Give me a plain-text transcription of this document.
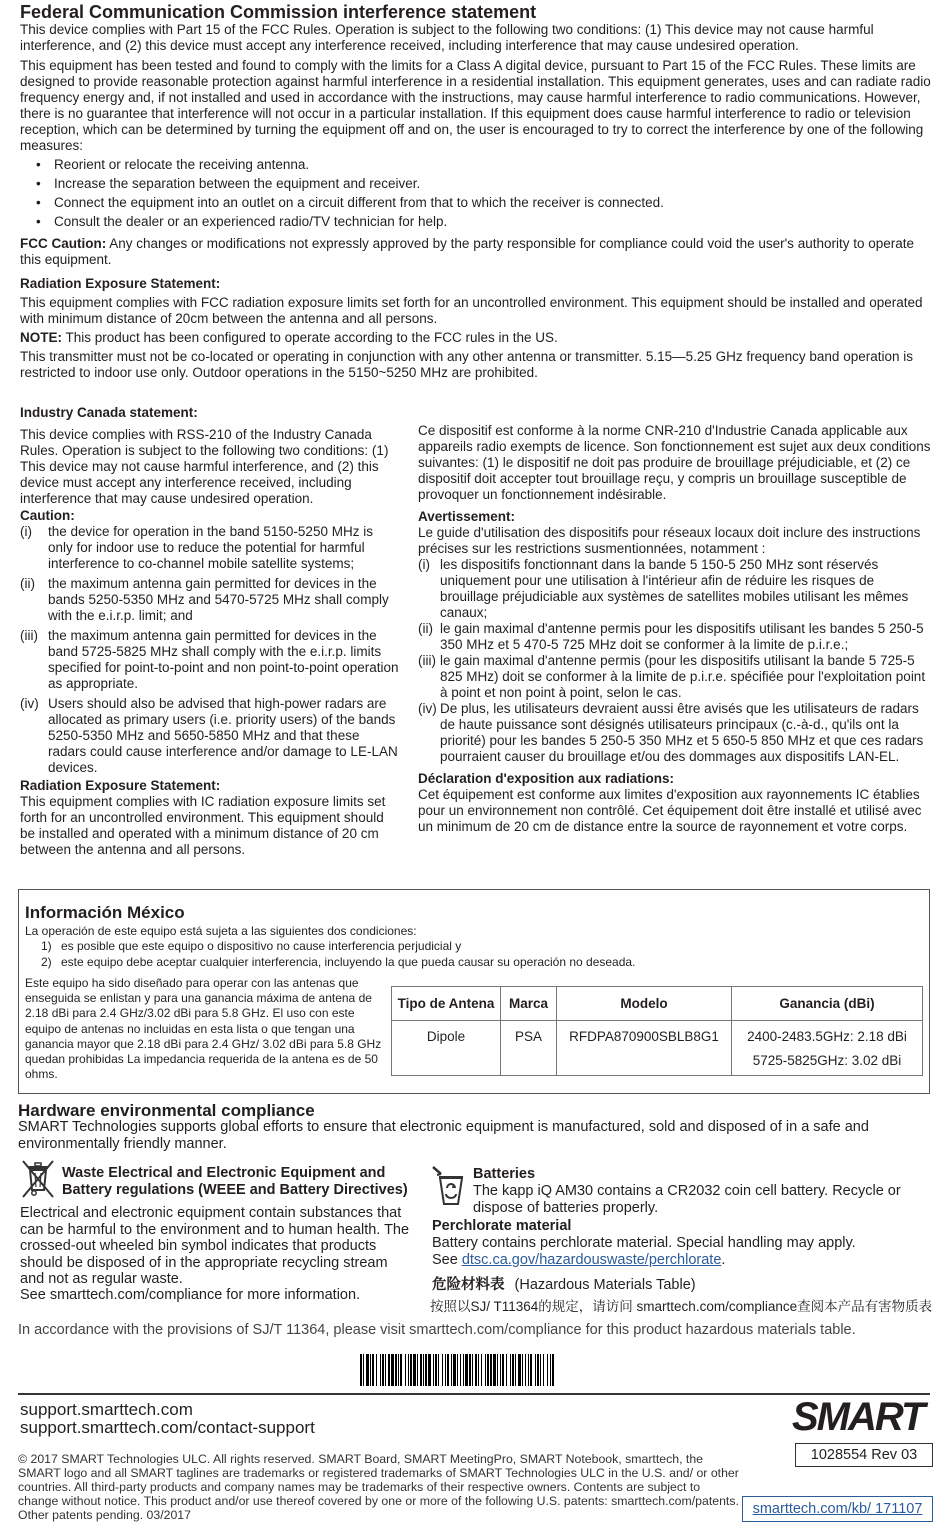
Federal Communication Commission interference statement

This device complies with Part 15 of the FCC Rules. Operation is subject to the following two conditions: (1) This device may not cause harmful interference, and (2) this device must accept any interference received, including interference that may cause undesired operation.

This equipment has been tested and found to comply with the limits for a Class A digital device, pursuant to Part 15 of the FCC Rules. These limits are designed to provide reasonable protection against harmful interference in a residential installation. This equipment generates, uses and can radiate radio frequency energy and, if not installed and used in accordance with the instructions, may cause harmful interference to radio communications. However, there is no guarantee that interference will not occur in a particular installation. If this equipment does cause harmful interference to radio or television reception, which can be determined by turning the equipment off and on, the user is encouraged to try to correct the interference by one of the following measures:

• Reorient or relocate the receiving antenna.
• Increase the separation between the equipment and receiver.
• Connect the equipment into an outlet on a circuit different from that to which the receiver is connected.
• Consult the dealer or an experienced radio/TV technician for help.

FCC Caution: Any changes or modifications not expressly approved by the party responsible for compliance could void the user's authority to operate this equipment.

Radiation Exposure Statement:

This equipment complies with FCC radiation exposure limits set forth for an uncontrolled environment. This equipment should be installed and operated with minimum distance of 20cm between the antenna and all persons.

NOTE: This product has been configured to operate according to the FCC rules in the US.

This transmitter must not be co-located or operating in conjunction with any other antenna or transmitter. 5.15—5.25 GHz frequency band operation is restricted to indoor use only. Outdoor operations in the 5150~5250 MHz are prohibited.

Industry Canada statement:

This device complies with RSS-210 of the Industry Canada Rules. Operation is subject to the following two conditions: (1) This device may not cause harmful interference, and (2) this device must accept any interference received, including interference that may cause undesired operation.

Caution:

(i)	the device for operation in the band 5150-5250 MHz is only for indoor use to reduce the potential for harmful interference to co-channel mobile satellite systems;
(ii) the maximum antenna gain permitted for devices in the bands 5250-5350 MHz and 5470-5725 MHz shall comply with the e.i.r.p. limit; and
(iii) the maximum antenna gain permitted for devices in the band 5725-5825 MHz shall comply with the e.i.r.p. limits specified for point-to-point and non point-to-point operation as appropriate.
(iv) Users should also be advised that high-power radars are allocated as primary users (i.e. priority users) of the bands 5250-5350 MHz and 5650-5850 MHz and that these radars could cause interference and/or damage to LE-LAN devices.

Radiation Exposure Statement:

This equipment complies with IC radiation exposure limits set forth for an uncontrolled environment. This equipment should be installed and operated with a minimum distance of 20 cm between the antenna and all persons.

Ce dispositif est conforme à la norme CNR-210 d'Industrie Canada applicable aux appareils radio exempts de licence. Son fonctionnement est sujet aux deux conditions suivantes: (1) le dispositif ne doit pas produire de brouillage préjudiciable, et (2) ce dispositif doit accepter tout brouillage reçu, y compris un brouillage susceptible de provoquer un fonctionnement indésirable.

Avertissement:

Le guide d'utilisation des dispositifs pour réseaux locaux doit inclure des instructions précises sur les restrictions susmentionnées, notamment :

(i) les dispositifs fonctionnant dans la bande 5 150-5 250 MHz sont réservés uniquement pour une utilisation à l'intérieur afin de réduire les risques de brouillage préjudiciable aux systèmes de satellites mobiles utilisant les mêmes canaux;
(ii) le gain maximal d'antenne permis pour les dispositifs utilisant les bandes 5 250-5 350 MHz et 5 470-5 725 MHz doit se conformer à la limite de p.i.r.e.;
(iii) le gain maximal d'antenne permis (pour les dispositifs utilisant la bande 5 725-5 825 MHz) doit se conformer à la limite de p.i.r.e. spécifiée pour l'exploitation point à point et non point à point, selon le cas.
(iv) De plus, les utilisateurs devraient aussi être avisés que les utilisateurs de radars de haute puissance sont désignés utilisateurs principaux (c.-à-d., qu'ils ont la priorité) pour les bandes 5 250-5 350 MHz et 5 650-5 850 MHz et que ces radars pourraient causer du brouillage et/ou des dommages aux dispositifs LAN-EL.

Déclaration d'exposition aux radiations:

Cet équipement est conforme aux limites d'exposition aux rayonnements IC établies pour un environnement non contrôlé. Cet équipement doit être installé et utilisé avec un minimum de 20 cm de distance entre la source de rayonnement et votre corps.

Información México
La operación de este equipo está sujeta a las siguientes dos condiciones:
1) es posible que este equipo o dispositivo no cause interferencia perjudicial y
2) este equipo debe aceptar cualquier interferencia, incluyendo la que pueda causar su operación no deseada.
Este equipo ha sido diseñado para operar con las antenas que enseguida se enlistan y para una ganancia máxima de antena de 2.18 dBi para 2.4 GHz/3.02 dBi para 5.8 GHz. El uso con este equipo de antenas no incluidas en esta lista o que tengan una ganancia mayor que 2.18 dBi para 2.4 GHz/ 3.02 dBi para 5.8 GHz quedan prohibidas La impedancia requerida de la antena es de 50 ohms.
Tipo de Antena	Marca	Modelo	Ganancia (dBi)
Dipole	PSA	RFDPA870900SBLB8G1	2400-2483.5GHz: 2.18 dBi
5725-5825GHz: 3.02 dBi
Hardware environmental compliance
SMART Technologies supports global efforts to ensure that electronic equipment is manufactured, sold and disposed of in a safe and environmentally friendly manner.
Waste Electrical and Electronic Equipment and Battery regulations (WEEE and Battery Directives)
Electrical and electronic equipment contain substances that can be harmful to the environment and to human health. The crossed-out wheeled bin symbol indicates that products should be disposed of in the appropriate recycling stream and not as regular waste.
See smarttech.com/compliance for more information.
Batteries
The kapp iQ AM30 contains a CR2032 coin cell battery. Recycle or dispose of batteries properly.
Perchlorate material
Battery contains perchlorate material. Special handling may apply.
See dtsc.ca.gov/hazardouswaste/perchlorate.
危险材料表 (Hazardous Materials Table)
按照以SJ/ T11364的规定，请访问 smarttech.com/compliance查阅本产品有害物质表
In accordance with the provisions of SJ/T 11364, please visit smarttech.com/compliance for this product hazardous materials table.
support.smarttech.com
support.smarttech.com/contact-support
© 2017 SMART Technologies ULC. All rights reserved. SMART Board, SMART MeetingPro, SMART Notebook, smarttech, the SMART logo and all SMART taglines are trademarks or registered trademarks of SMART Technologies ULC in the U.S. and/ or other countries. All third-party products and company names may be trademarks of their respective owners. Contents are subject to change without notice. This product and/or use thereof covered by one or more of the following U.S. patents: smarttech.com/patents. Other patents pending. 03/2017
SMART
1028554 Rev 03
smarttech.com/kb/ 171107
